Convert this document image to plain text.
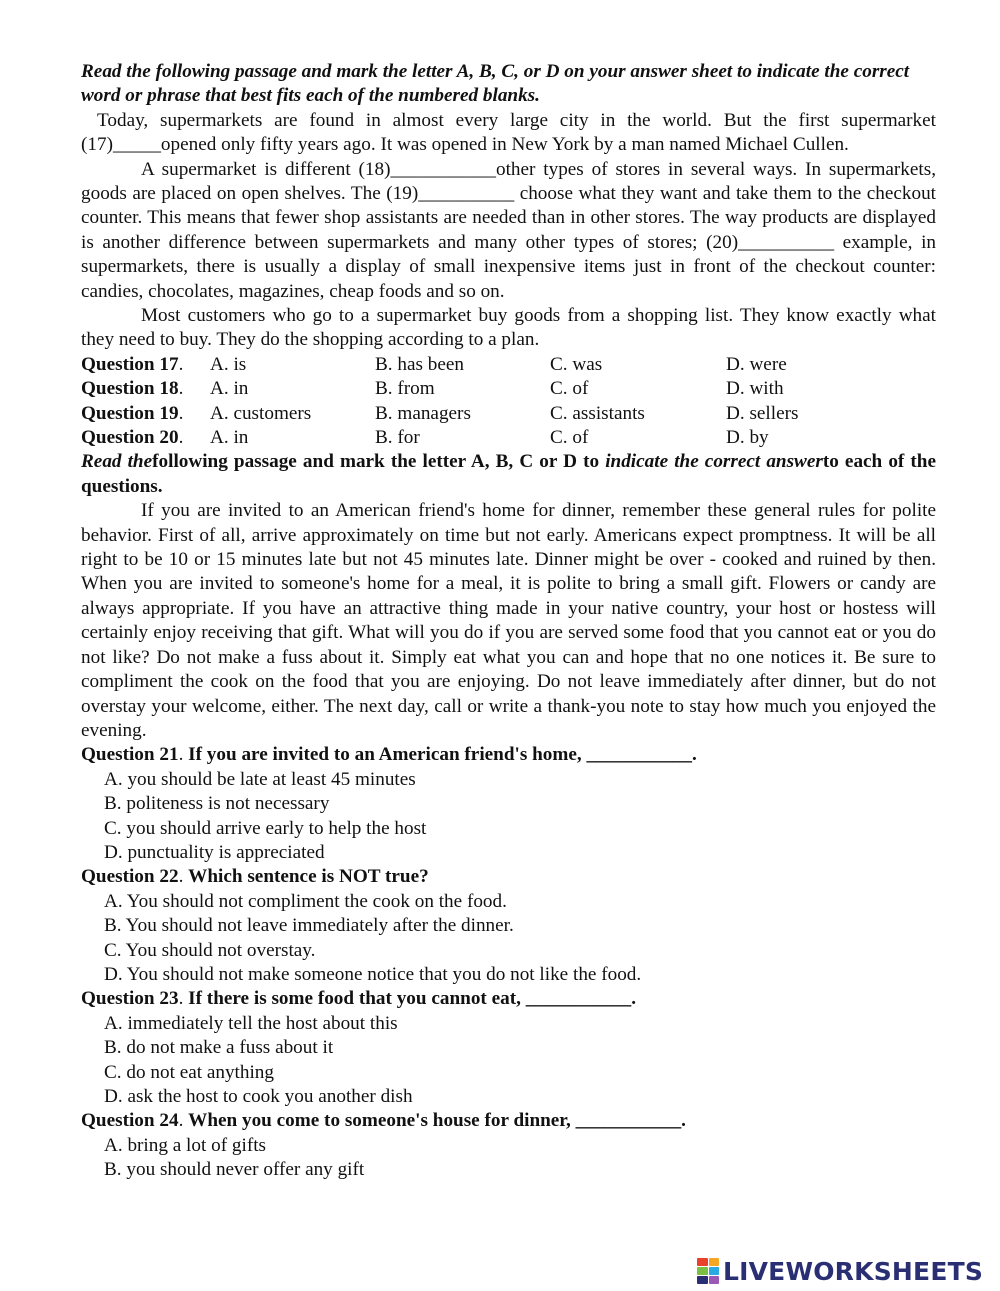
Read the following passage and mark the letter A, B, C, or D on your answer sheet to indicate the correct word or phrase that best fits each of the numbered blanks.

Today, supermarkets are found in almost every large city in the world. But the first supermarket (17)_____opened only fifty years ago. It was opened in New York by a man named Michael Cullen.

A supermarket is different (18)___________other types of stores in several ways. In supermarkets, goods are placed on open shelves. The (19)__________ choose what they want and take them to the checkout counter. This means that fewer shop assistants are needed than in other stores. The way products are displayed is another difference between supermarkets and many other types of stores; (20)__________ example, in supermarkets, there is usually a display of small inexpensive items just in front of the checkout counter: candies, chocolates, magazines, cheap foods and so on.

Most customers who go to a supermarket buy goods from a shopping list. They know exactly what they need to buy. They do the shopping according to a plan.

Question 17.	A. is	B. has been	C. was	D. were
Question 18.	A. in	B. from	C. of	D. with
Question 19.	A. customers	B. managers	C. assistants	D. sellers
Question 20.	A. in	B. for	C. of	D. by

Read thefollowing passage and mark the letter A, B, C or D to indicate the correct answerto each of the questions.

If you are invited to an American friend's home for dinner, remember these general rules for polite behavior. First of all, arrive approximately on time but not early. Americans expect promptness. It will be all right to be 10 or 15 minutes late but not 45 minutes late. Dinner might be over - cooked and ruined by then. When you are invited to someone's home for a meal, it is polite to bring a small gift. Flowers or candy are always appropriate. If you have an attractive thing made in your native country, your host or hostess will certainly enjoy receiving that gift. What will you do if you are served some food that you cannot eat or you do not like? Do not make a fuss about it. Simply eat what you can and hope that no one notices it. Be sure to compliment the cook on the food that you are enjoying. Do not leave immediately after dinner, but do not overstay your welcome, either. The next day, call or write a thank-you note to stay how much you enjoyed the evening.

Question 21. If you are invited to an American friend's home, ___________.

A. you should be late at least 45 minutes

B. politeness is not necessary

C. you should arrive early to help the host

D. punctuality is appreciated

Question 22. Which sentence is NOT true?

A. You should not compliment the cook on the food.

B. You should not leave immediately after the dinner.

C. You should not overstay.

D. You should not make someone notice that you do not like the food.

Question 23. If there is some food that you cannot eat, ___________.

A. immediately tell the host about this

B. do not make a fuss about it

C. do not eat anything

D. ask the host to cook you another dish

Question 24. When you come to someone's house for dinner, ___________.

A. bring a lot of gifts

B. you should never offer any gift

LIVEWORKSHEETS
